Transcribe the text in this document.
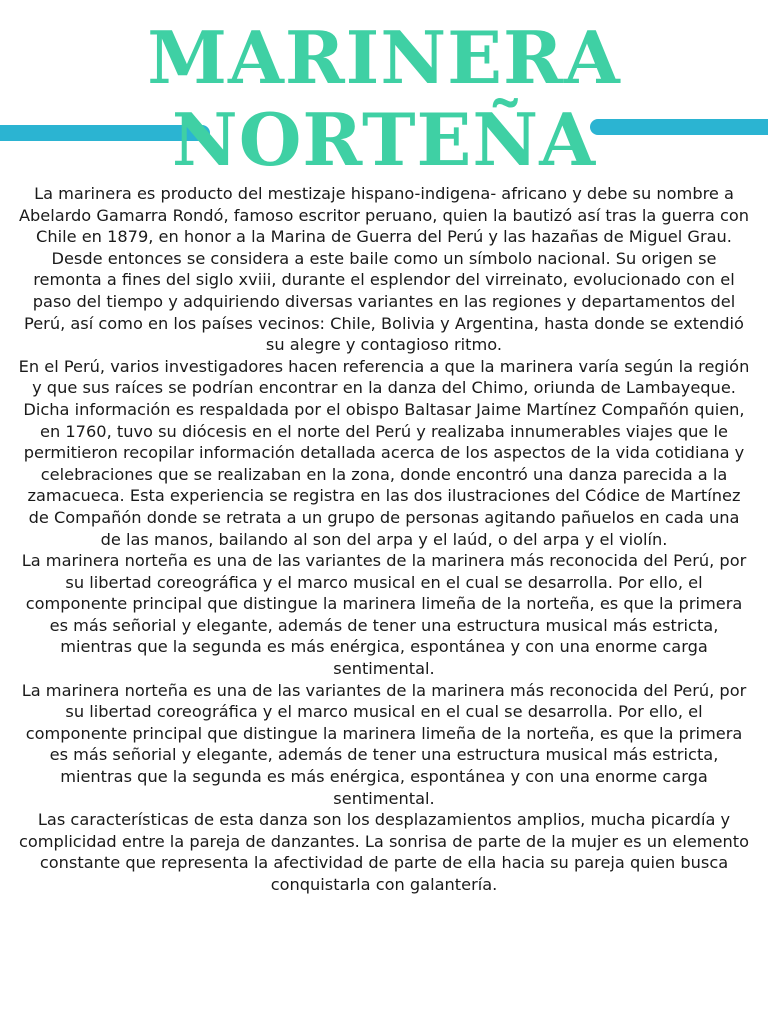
MARINERA
NORTEÑA

La marinera es producto del mestizaje hispano-indigena- africano y debe su nombre a Abelardo Gamarra Rondó, famoso escritor peruano, quien la bautizó así tras la guerra con Chile en 1879, en honor a la Marina de Guerra del Perú y las hazañas de Miguel Grau. Desde entonces se considera a este baile como un símbolo nacional. Su origen se remonta a fines del siglo xviii, durante el esplendor del virreinato, evolucionado con el paso del tiempo y adquiriendo diversas variantes en las regiones y departamentos del Perú, así como en los países vecinos: Chile, Bolivia y Argentina, hasta donde se extendió su alegre y contagioso ritmo.

En el Perú, varios investigadores hacen referencia a que la marinera varía según la región y que sus raíces se podrían encontrar en la danza del Chimo, oriunda de Lambayeque. Dicha información es respaldada por el obispo Baltasar Jaime Martínez Compañón quien, en 1760, tuvo su diócesis en el norte del Perú y realizaba innumerables viajes que le permitieron recopilar información detallada acerca de los aspectos de la vida cotidiana y celebraciones que se realizaban en la zona, donde encontró una danza parecida a la zamacueca. Esta experiencia se registra en las dos ilustraciones del Códice de Martínez de Compañón donde se retrata a un grupo de personas agitando pañuelos en cada una de las manos, bailando al son del arpa y el laúd, o del arpa y el violín.

La marinera norteña es una de las variantes de la marinera más reconocida del Perú, por su libertad coreográfica y el marco musical en el cual se desarrolla. Por ello, el componente principal que distingue la marinera limeña de la norteña, es que la primera es más señorial y elegante, además de tener una estructura musical más estricta, mientras que la segunda es más enérgica, espontánea y con una enorme carga sentimental.

La marinera norteña es una de las variantes de la marinera más reconocida del Perú, por su libertad coreográfica y el marco musical en el cual se desarrolla. Por ello, el componente principal que distingue la marinera limeña de la norteña, es que la primera es más señorial y elegante, además de tener una estructura musical más estricta, mientras que la segunda es más enérgica, espontánea y con una enorme carga sentimental.

Las características de esta danza son los desplazamientos amplios, mucha picardía y complicidad entre la pareja de danzantes. La sonrisa de parte de la mujer es un elemento constante que representa la afectividad de parte de ella hacia su pareja quien busca conquistarla con galantería.
